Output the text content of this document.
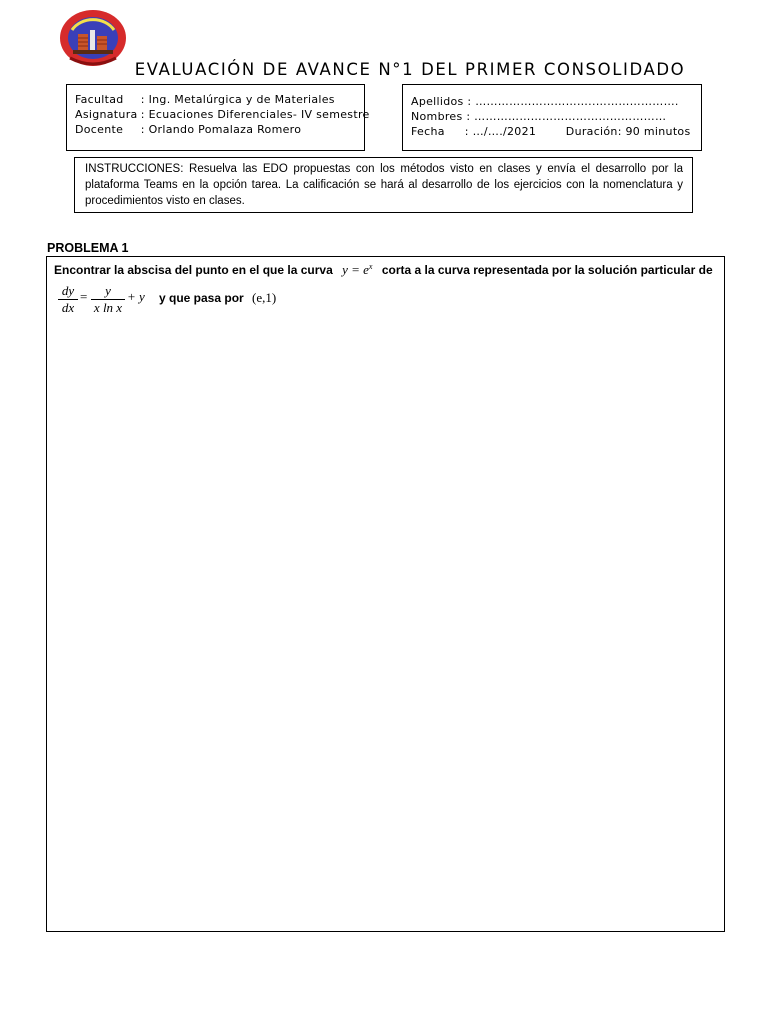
EVALUACIÓN DE AVANCE N°1 DEL PRIMER CONSOLIDADO
Facultad : Ing. Metalúrgica y de Materiales
Asignatura : Ecuaciones Diferenciales- IV semestre
Docente : Orlando Pomalaza Romero
Apellidos : …………………………..………………….
Nombres : ……………………………………………
Fecha : …/…./2021	Duración: 90 minutos
INSTRUCCIONES: Resuelva las EDO propuestas con los métodos visto en clases y envía el desarrollo por la plataforma Teams en la opción tarea. La calificación se hará al desarrollo de los ejercicios con la nomenclatura y procedimientos visto en clases.
PROBLEMA 1
Encontrar la abscisa del punto en el que la curva $y = e^x$ corta a la curva representada por la solución particular de
$\frac{dy}{dx} = \frac{y}{\text{x ln x}} + y$ y que pasa por (e,1)
